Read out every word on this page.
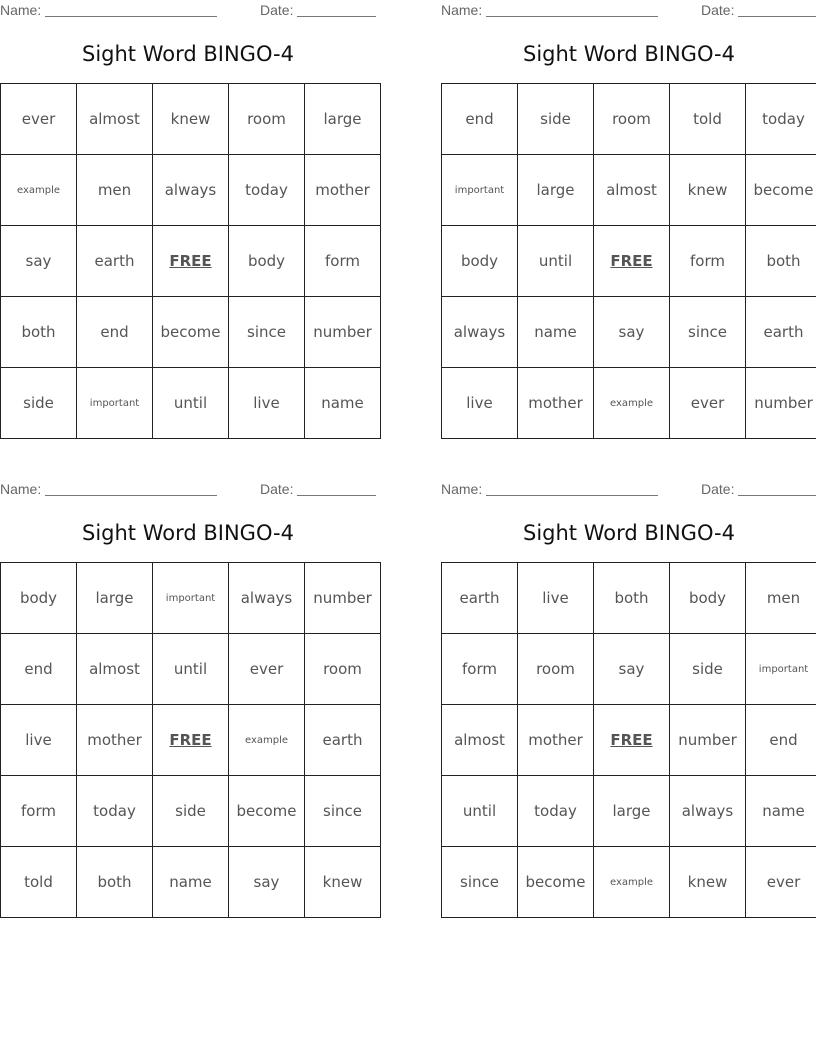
Name:	Date:
Sight Word BINGO-4
ever	almost	knew	room	large
example	men	always	today	mother
say	earth	FREE	body	form
both	end	become	since	number
side	important	until	live	name
Name:	Date:
Sight Word BINGO-4
end	side	room	told	today
important	large	almost	knew	become
body	until	FREE	form	both
always	name	say	since	earth
live	mother	example	ever	number
Name:	Date:
Sight Word BINGO-4
body	large	important	always	number
end	almost	until	ever	room
live	mother	FREE	example	earth
form	today	side	become	since
told	both	name	say	knew
Name:	Date:
Sight Word BINGO-4
earth	live	both	body	men
form	room	say	side	important
almost	mother	FREE	number	end
until	today	large	always	name
since	become	example	knew	ever
